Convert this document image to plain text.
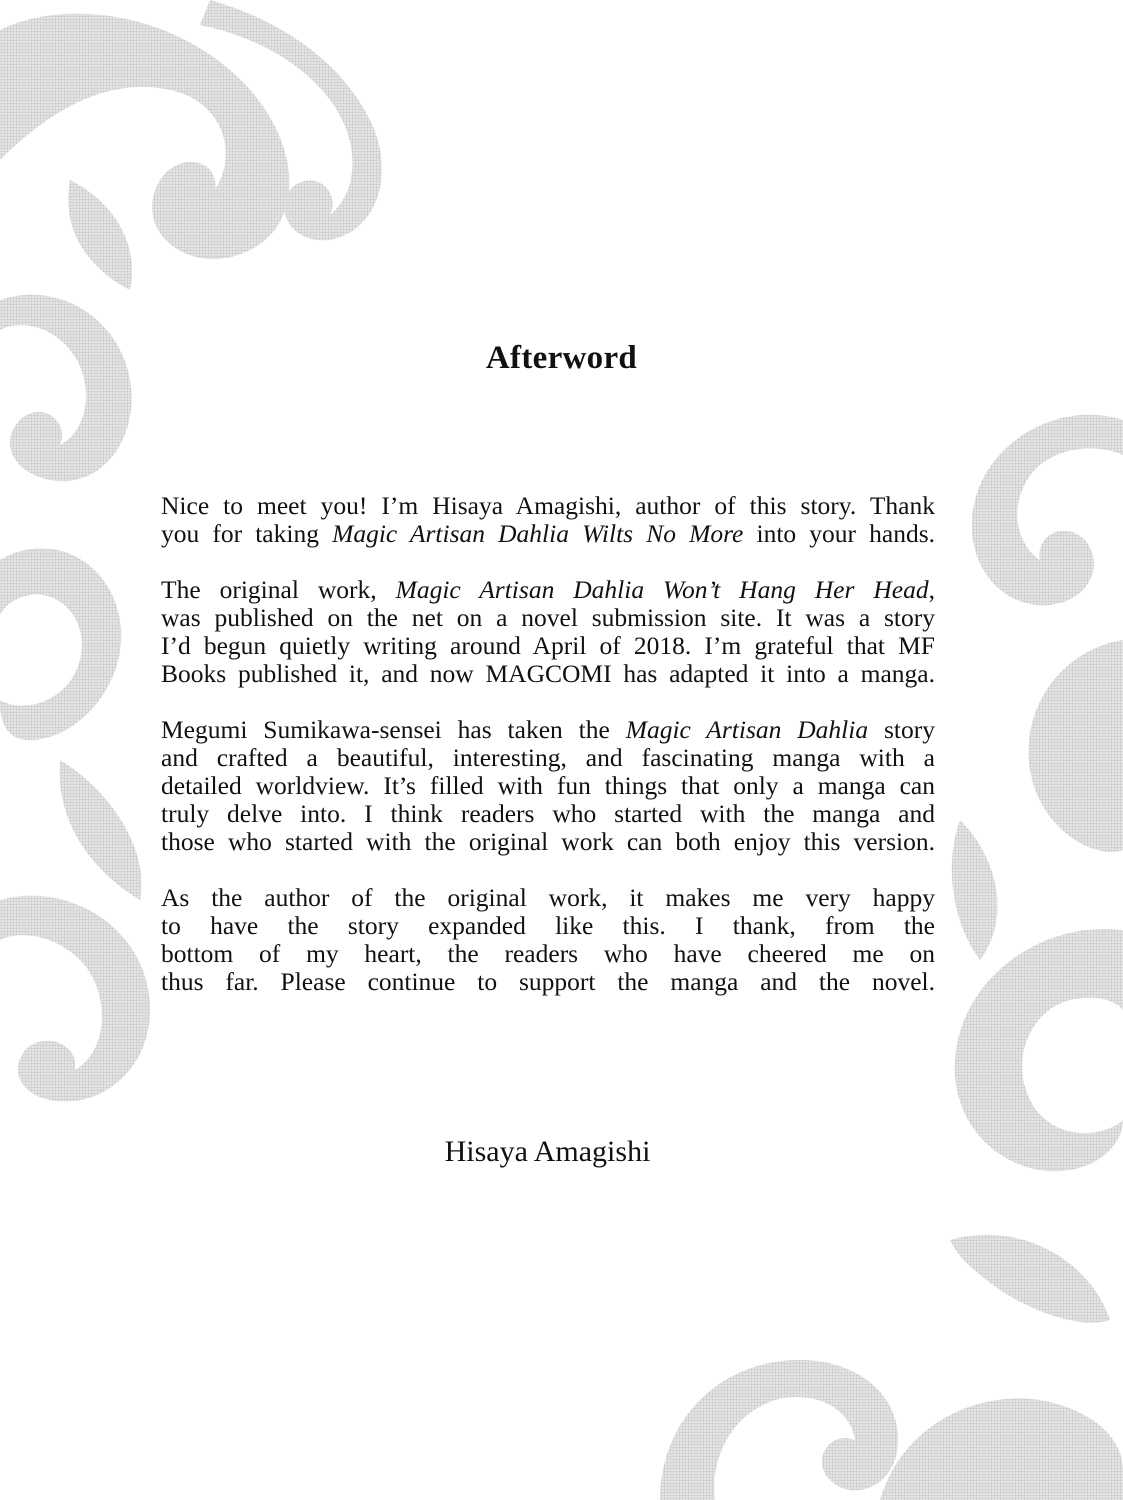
Afterword
Nice to meet you! I’m Hisaya Amagishi, author of this story. Thank
you for taking Magic Artisan Dahlia Wilts No More into your hands.
The original work, Magic Artisan Dahlia Won’t Hang Her Head,
was published on the net on a novel submission site. It was a story
I’d begun quietly writing around April of 2018. I’m grateful that MF
Books published it, and now MAGCOMI has adapted it into a manga.
Megumi Sumikawa-sensei has taken the Magic Artisan Dahlia story
and crafted a beautiful, interesting, and fascinating manga with a
detailed worldview. It’s filled with fun things that only a manga can
truly delve into. I think readers who started with the manga and
those who started with the original work can both enjoy this version.
As the author of the original work, it makes me very happy
to have the story expanded like this. I thank, from the
bottom of my heart, the readers who have cheered me on
thus far. Please continue to support the manga and the novel.
Hisaya Amagishi
